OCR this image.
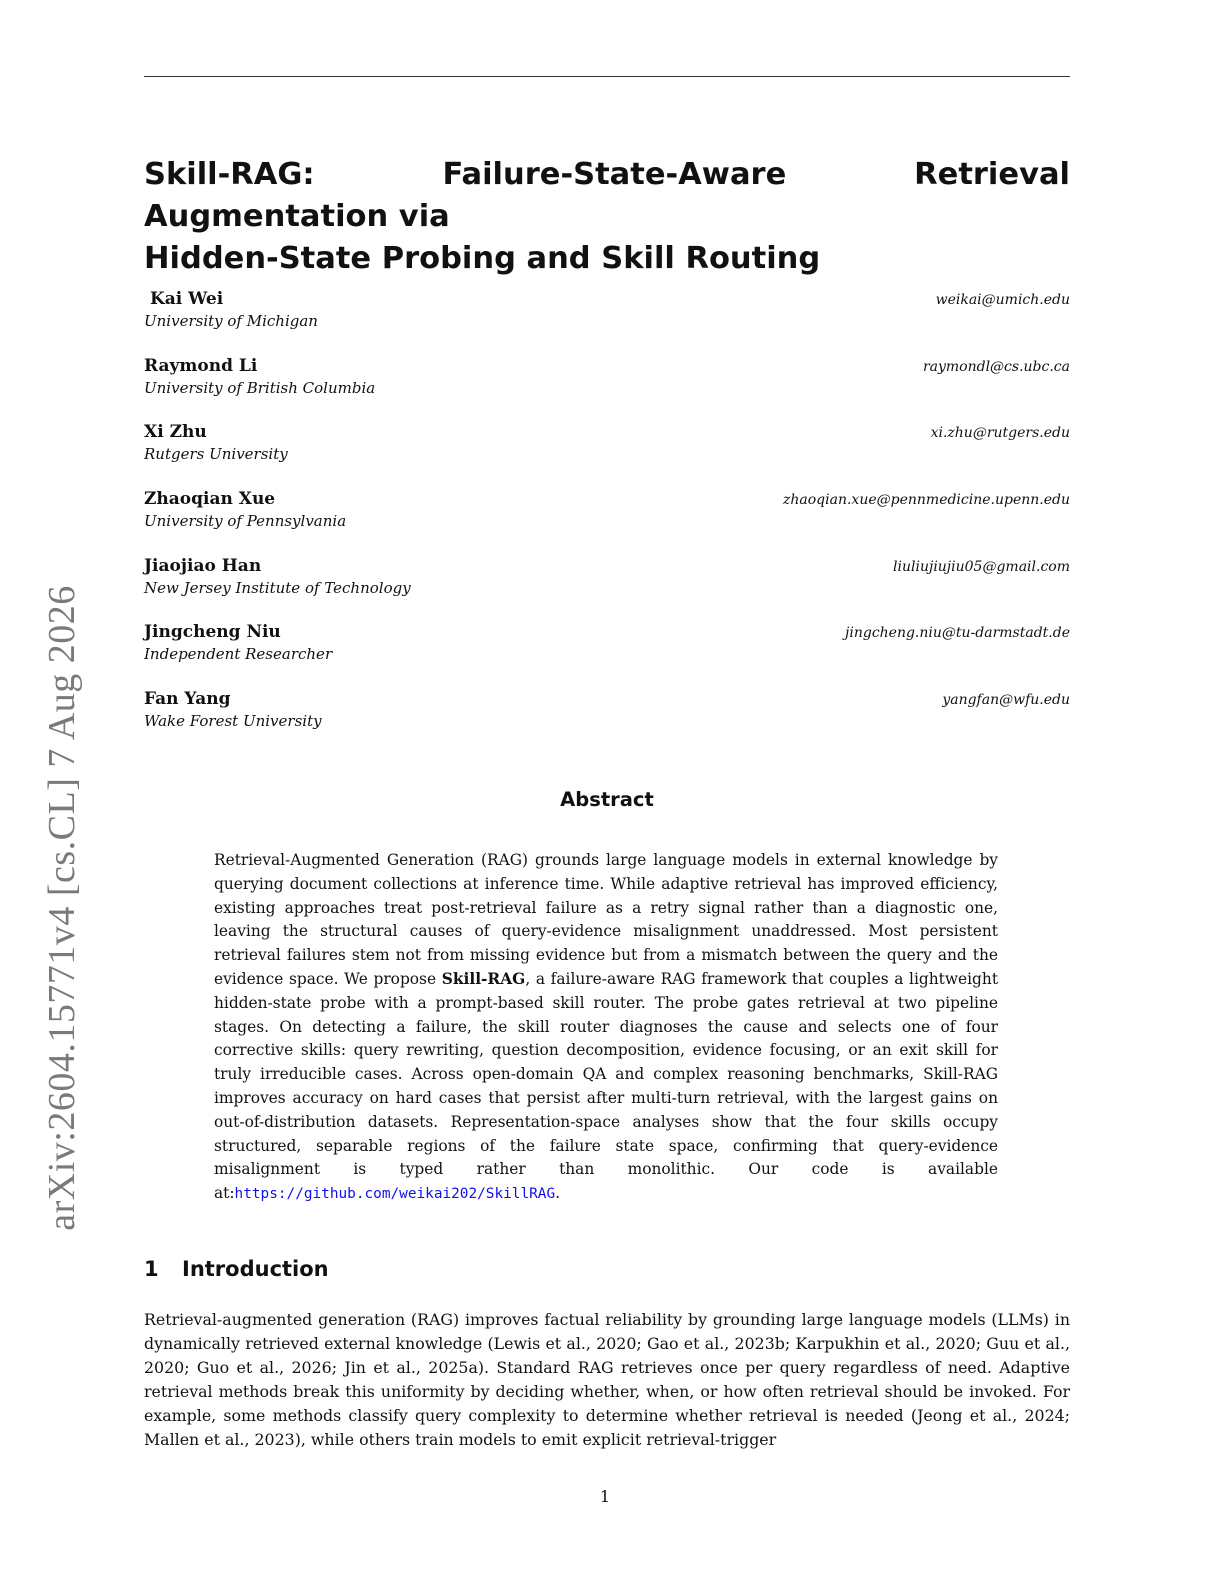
arXiv:2604.15771v4 [cs.CL] 7 Aug 2026
Skill-RAG: Failure-State-Aware Retrieval Augmentation via
Hidden-State Probing and Skill Routing
Kai Wei
University of Michigan
weikai@umich.edu
Raymond Li
University of British Columbia
raymondl@cs.ubc.ca
Xi Zhu
Rutgers University
xi.zhu@rutgers.edu
Zhaoqian Xue
University of Pennsylvania
zhaoqian.xue@pennmedicine.upenn.edu
Jiaojiao Han
New Jersey Institute of Technology
liuliujiujiu05@gmail.com
Jingcheng Niu
Independent Researcher
jingcheng.niu@tu-darmstadt.de
Fan Yang
Wake Forest University
yangfan@wfu.edu
Abstract

Retrieval-Augmented Generation (RAG) grounds large language models in external knowledge by querying document collections at inference time. While adaptive retrieval has improved efficiency, existing approaches treat post-retrieval failure as a retry signal rather than a diagnostic one, leaving the structural causes of query-evidence misalignment unaddressed. Most persistent retrieval failures stem not from missing evidence but from a mismatch between the query and the evidence space. We propose Skill-RAG, a failure-aware RAG framework that couples a lightweight hidden-state probe with a prompt-based skill router. The probe gates retrieval at two pipeline stages. On detecting a failure, the skill router diagnoses the cause and selects one of four corrective skills: query rewriting, question decomposition, evidence focusing, or an exit skill for truly irreducible cases. Across open-domain QA and complex reasoning benchmarks, Skill-RAG improves accuracy on hard cases that persist after multi-turn retrieval, with the largest gains on out-of-distribution datasets. Representation-space analyses show that the four skills occupy structured, separable regions of the failure state space, confirming that query-evidence misalignment is typed rather than monolithic. Our code is available at:https://github.com/weikai202/SkillRAG.

1 Introduction

Retrieval-augmented generation (RAG) improves factual reliability by grounding large language models (LLMs) in dynamically retrieved external knowledge (Lewis et al., 2020; Gao et al., 2023b; Karpukhin et al., 2020; Guu et al., 2020; Guo et al., 2026; Jin et al., 2025a). Standard RAG retrieves once per query regardless of need. Adaptive retrieval methods break this uniformity by deciding whether, when, or how often retrieval should be invoked. For example, some methods classify query complexity to determine whether retrieval is needed (Jeong et al., 2024; Mallen et al., 2023), while others train models to emit explicit retrieval-trigger

1
